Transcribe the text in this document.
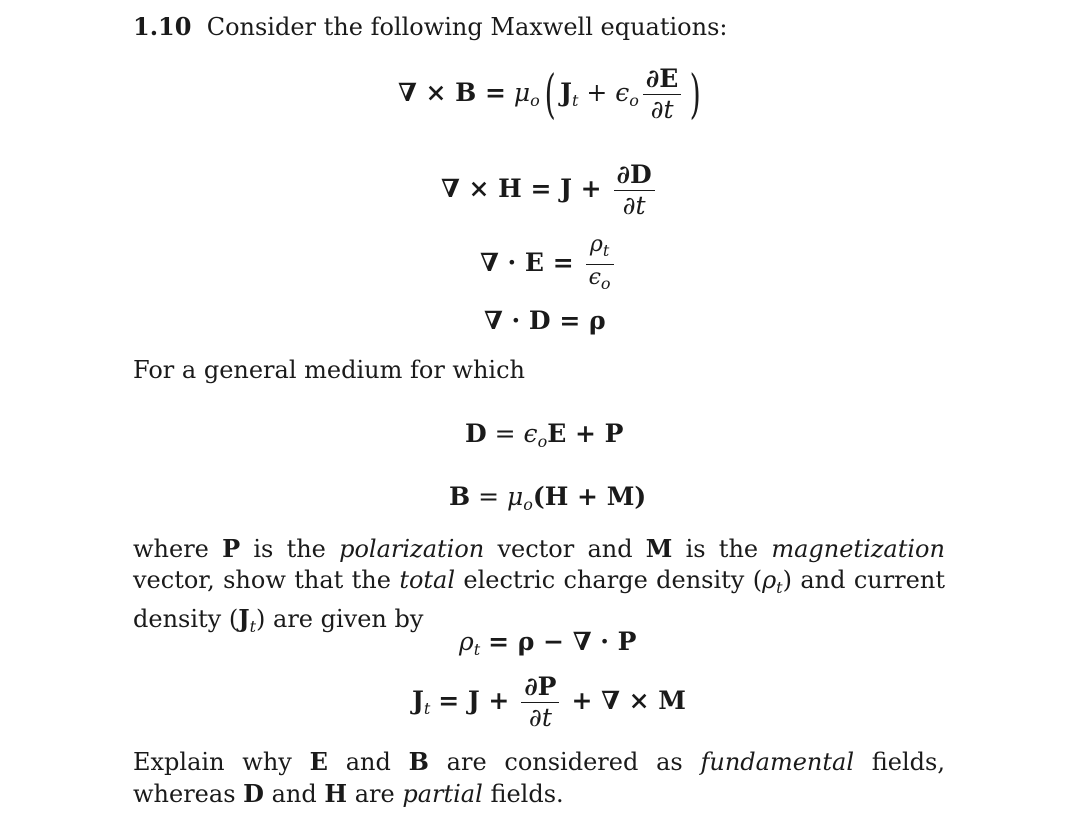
1.10 Consider the following Maxwell equations:
∇ × $B = \mu_o$( $J_t + \epsilon_o \frac{\partial E}{\partial t}$ )
∇ × $H = J + \frac{\partial D}{\partial t}$
∇ · $E = \frac{\rho_t}{\epsilon_o}$
∇ · D = ρ
For a general medium for which
$D = \epsilon_oE + P$
$B = \mu_o(H + M)$
where P is the polarization vector and M is the magnetization vector, show that the total electric charge density $(\rho_t)$ and current density $(J_t)$ are given by
$\rho_t = \rho$ − ∇ · P
$J_t = J + \frac{\partial P}{\partial t}$ + ∇ × M
Explain why E and B are considered as fundamental fields, whereas D and H are partial fields.
